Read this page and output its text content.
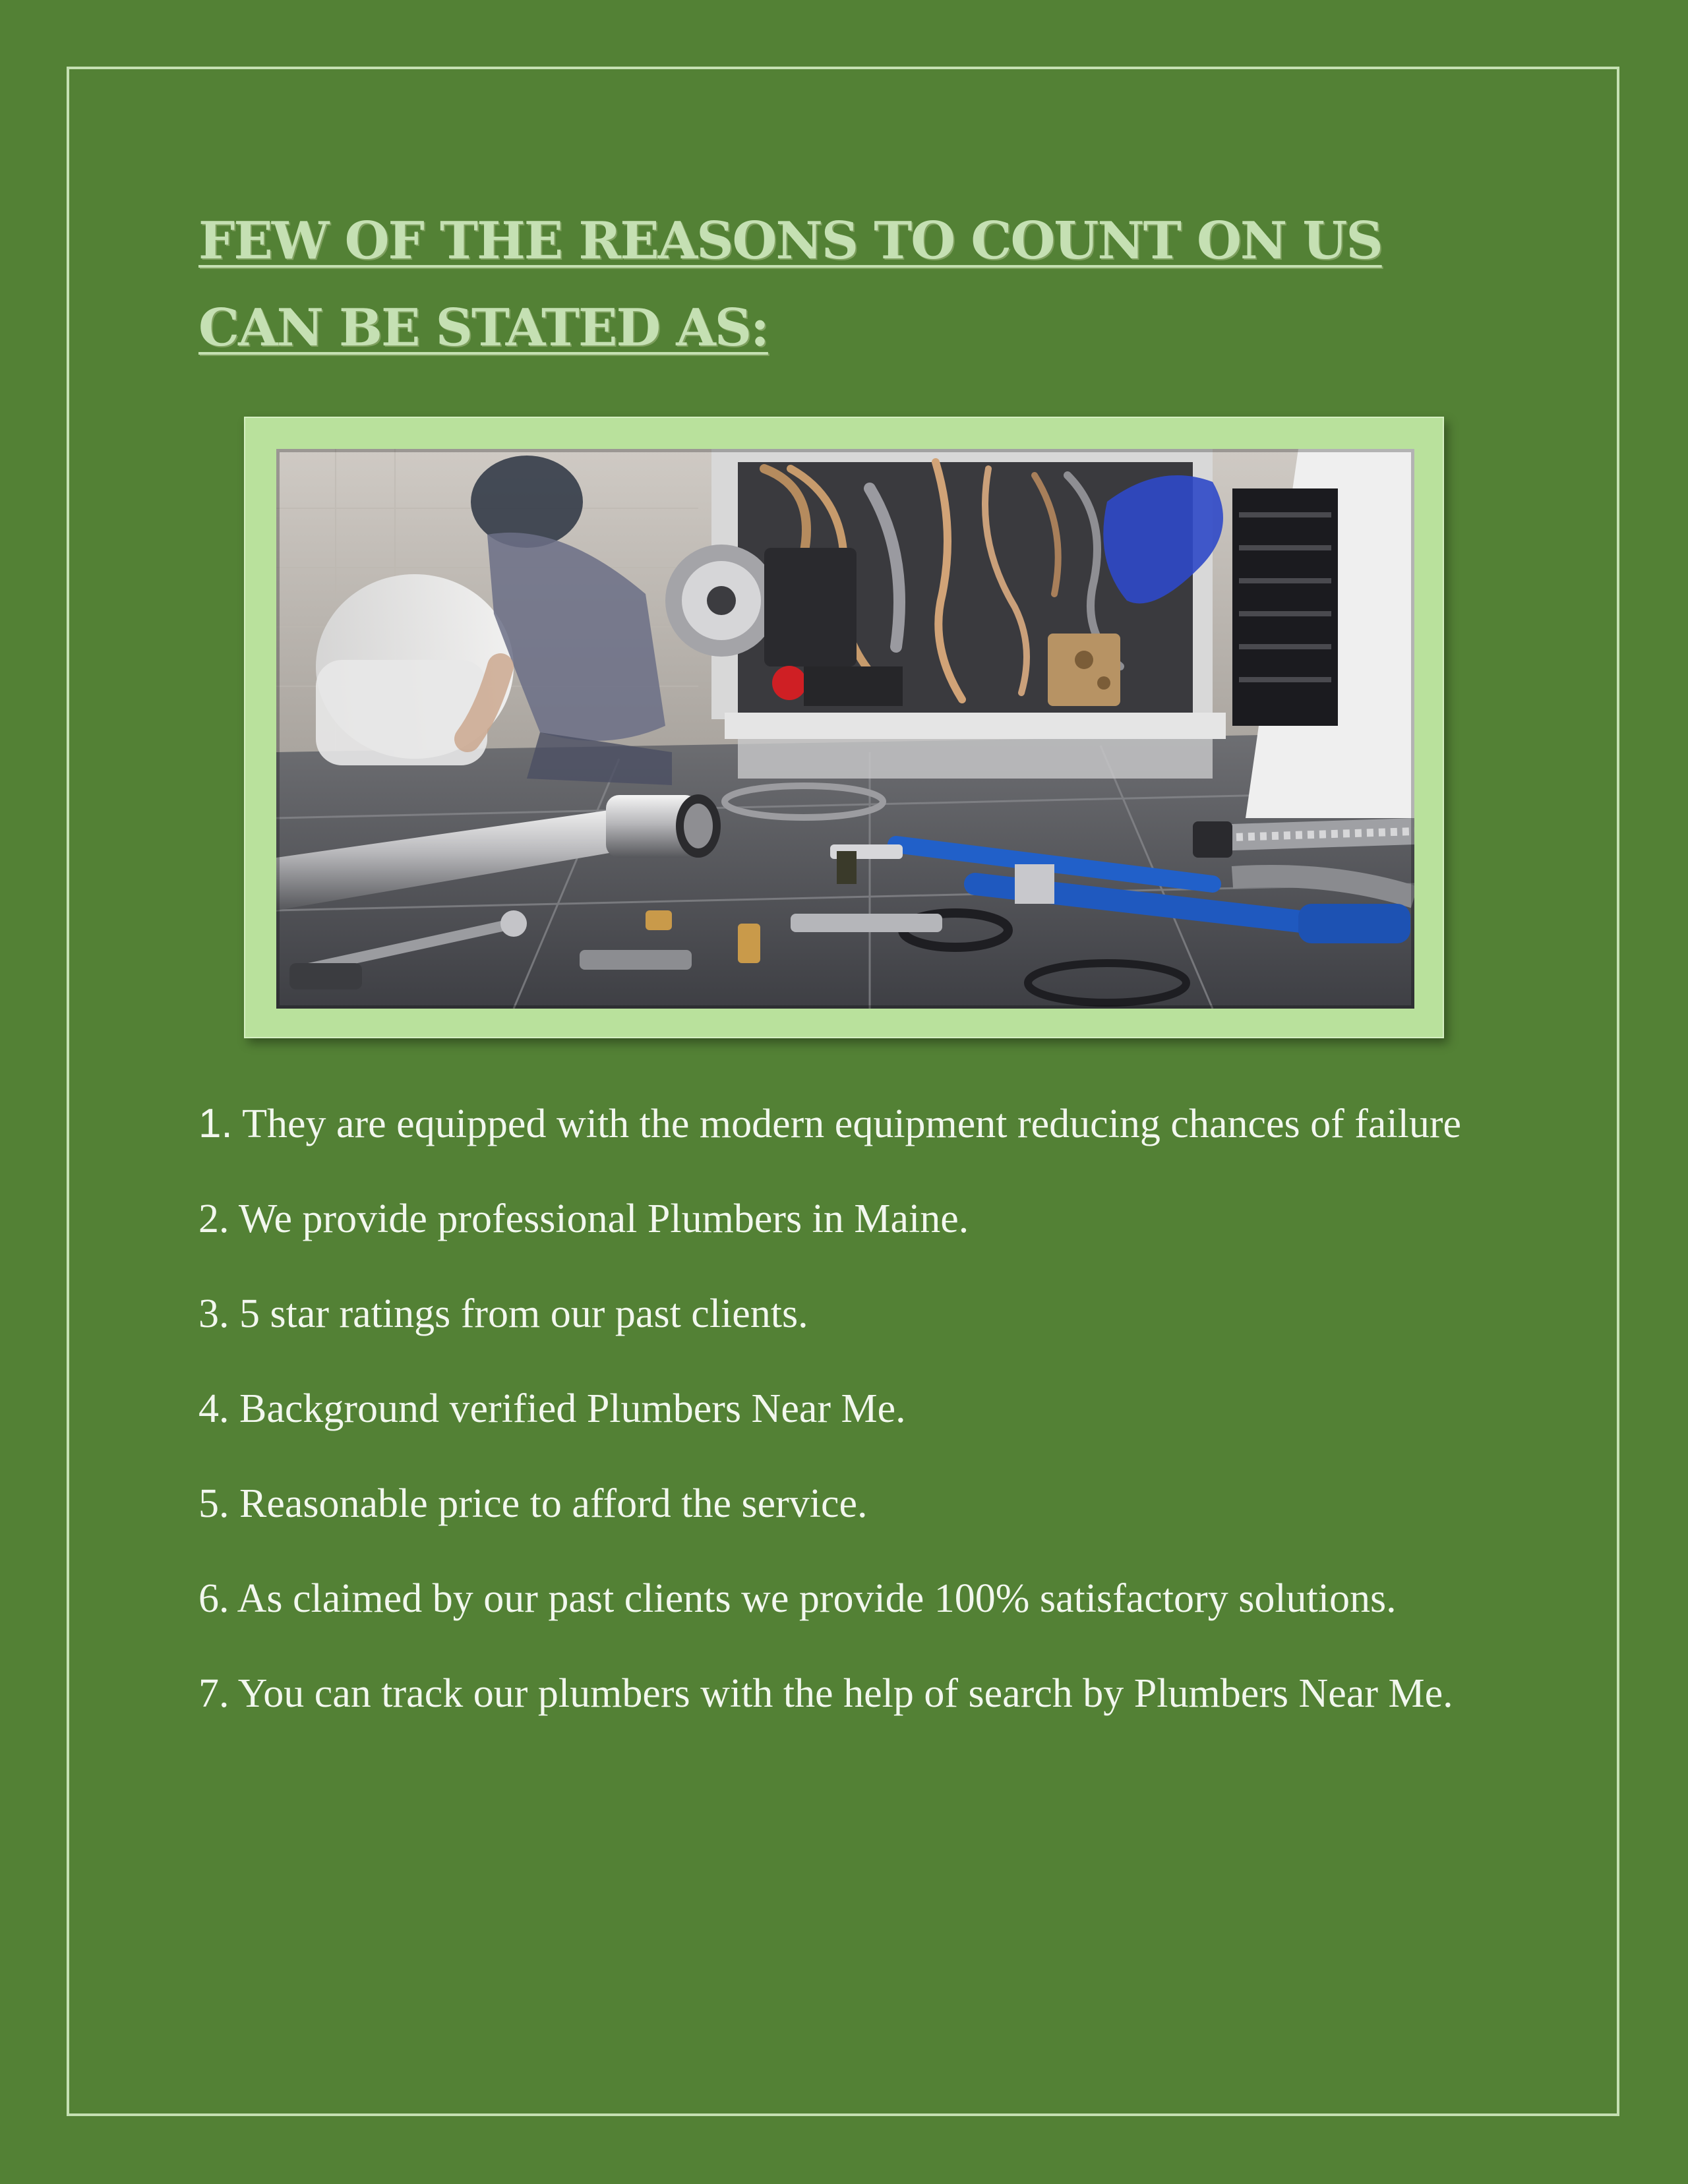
FEW OF THE REASONS TO COUNT ON US CAN BE STATED AS:
1. They are equipped with the modern equipment reducing chances of failure
2. We provide professional Plumbers in Maine.
3. 5 star ratings from our past clients.
4. Background verified Plumbers Near Me.
5. Reasonable price to afford the service.
6. As claimed by our past clients we provide 100% satisfactory solutions.
7. You can track our plumbers with the help of search by Plumbers Near Me.
